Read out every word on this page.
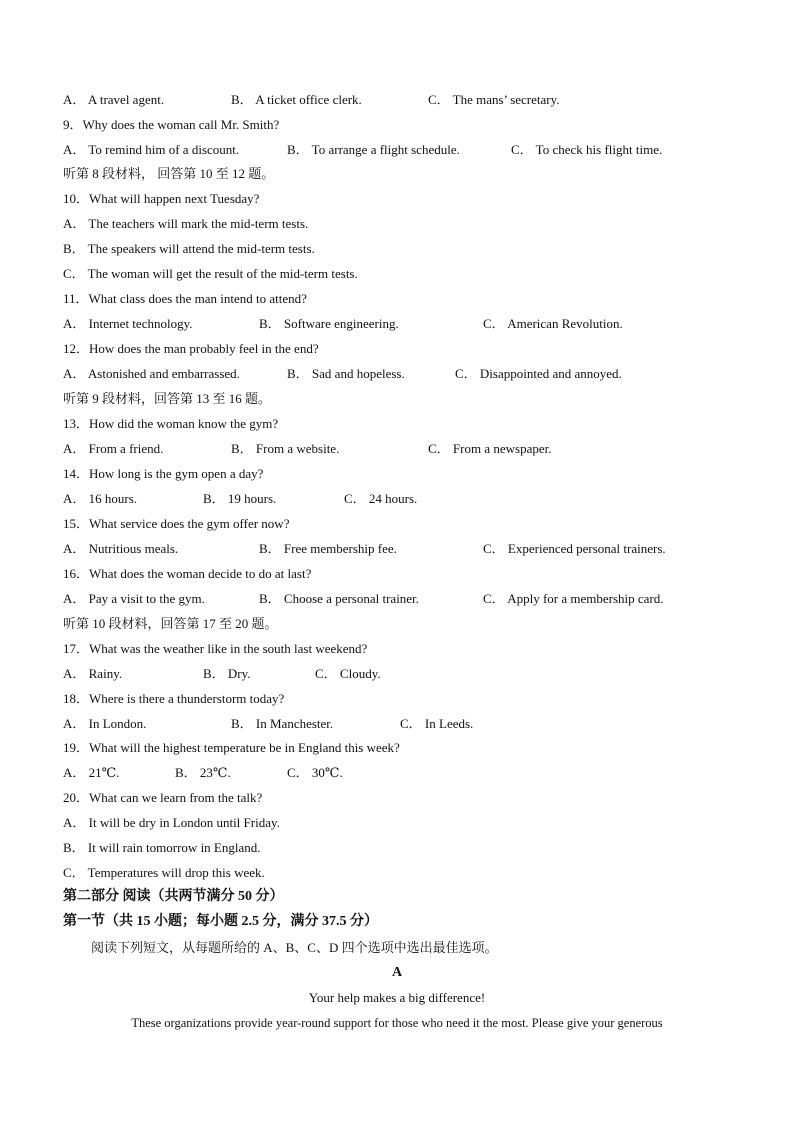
A． A travel agent.	B． A ticket office clerk.	C． The mans’ secretary.
9．Why does the woman call Mr. Smith?
A． To remind him of a discount.	B． To arrange a flight schedule.	C． To check his flight time.
听第 8 段材料， 回答第 10 至 12 题。
10．What will happen next Tuesday?
A． The teachers will mark the mid-term tests.
B． The speakers will attend the mid-term tests.
C． The woman will get the result of the mid-term tests.
11．What class does the man intend to attend?
A． Internet technology.	B． Software engineering.	C． American Revolution.
12．How does the man probably feel in the end?
A． Astonished and embarrassed.	B． Sad and hopeless.	C． Disappointed and annoyed.
听第 9 段材料，回答第 13 至 16 题。
13．How did the woman know the gym?
A． From a friend.	B． From a website.	C． From a newspaper.
14．How long is the gym open a day?
A． 16 hours.	B． 19 hours.	C． 24 hours.
15．What service does the gym offer now?
A． Nutritious meals.	B． Free membership fee.	C． Experienced personal trainers.
16．What does the woman decide to do at last?
A． Pay a visit to the gym.	B． Choose a personal trainer.	C． Apply for a membership card.
听第 10 段材料，回答第 17 至 20 题。
17．What was the weather like in the south last weekend?
A． Rainy.	B． Dry.	C． Cloudy.
18．Where is there a thunderstorm today?
A． In London.	B． In Manchester.	C． In Leeds.
19．What will the highest temperature be in England this week?
A． 21℃.	B． 23℃.	C． 30℃.
20．What can we learn from the talk?
A． It will be dry in London until Friday.
B． It will rain tomorrow in England.
C． Temperatures will drop this week.
第二部分 阅读（共两节满分 50 分）
第一节（共 15 小题；每小题 2.5 分，满分 37.5 分）
阅读下列短文，从每题所给的 A、B、C、D 四个选项中选出最佳选项。
A
Your help makes a big difference!
These organizations provide year-round support for those who need it the most. Please give your generous
